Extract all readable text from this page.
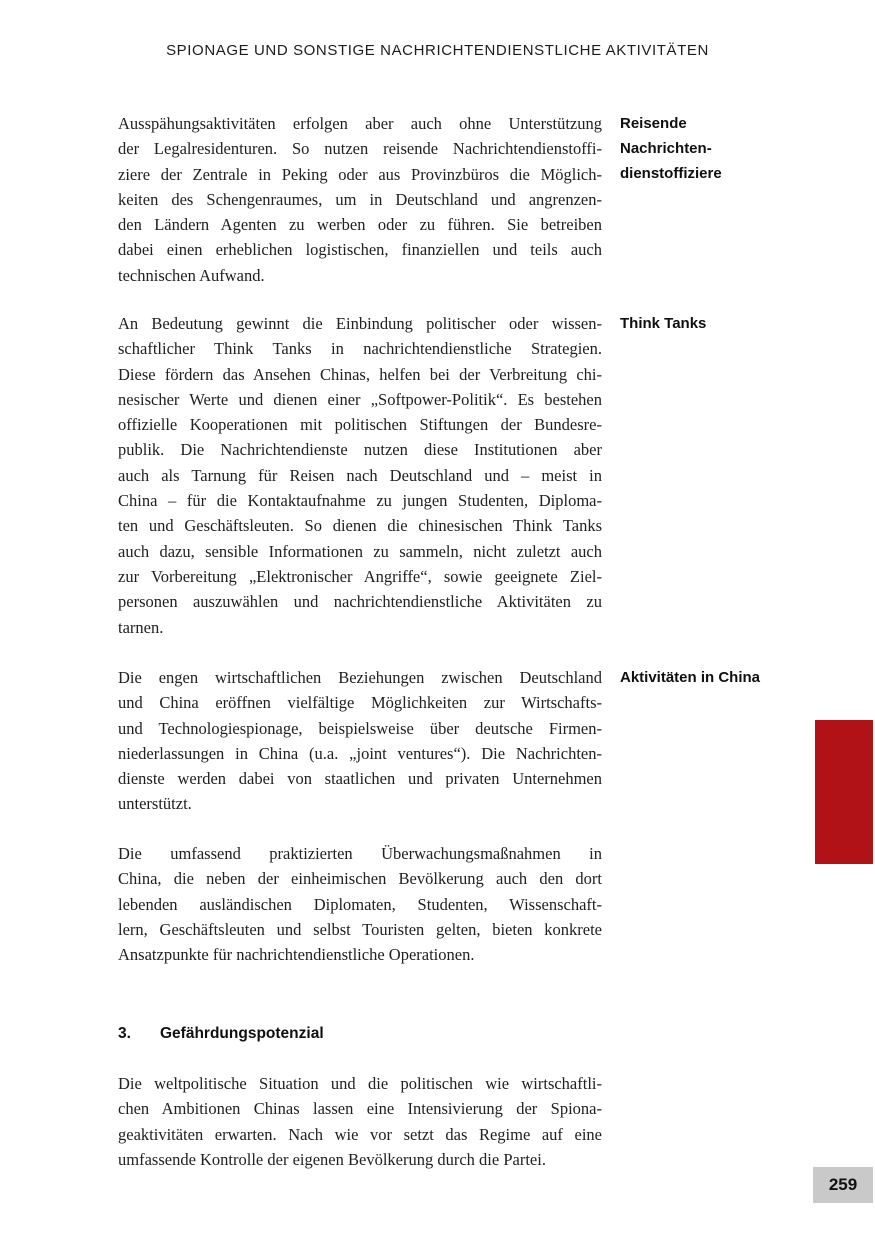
SPIONAGE UND SONSTIGE NACHRICHTENDIENSTLICHE AKTIVITÄTEN
Ausspähungsaktivitäten erfolgen aber auch ohne Unterstützung
der Legalresidenturen. So nutzen reisende Nachrichtendienstoffi-
ziere der Zentrale in Peking oder aus Provinzbüros die Möglich-
keiten des Schengenraumes, um in Deutschland und angrenzen-
den Ländern Agenten zu werben oder zu führen. Sie betreiben
dabei einen erheblichen logistischen, finanziellen und teils auch
technischen Aufwand.
Reisende
Nachrichten-
dienstoffiziere
An Bedeutung gewinnt die Einbindung politischer oder wissen-
schaftlicher Think Tanks in nachrichtendienstliche Strategien.
Diese fördern das Ansehen Chinas, helfen bei der Verbreitung chi-
nesischer Werte und dienen einer „Softpower-Politik“. Es bestehen
offizielle Kooperationen mit politischen Stiftungen der Bundesre-
publik. Die Nachrichtendienste nutzen diese Institutionen aber
auch als Tarnung für Reisen nach Deutschland und – meist in
China – für die Kontaktaufnahme zu jungen Studenten, Diploma-
ten und Geschäftsleuten. So dienen die chinesischen Think Tanks
auch dazu, sensible Informationen zu sammeln, nicht zuletzt auch
zur Vorbereitung „Elektronischer Angriffe“, sowie geeignete Ziel-
personen auszuwählen und nachrichtendienstliche Aktivitäten zu
tarnen.
Think Tanks
Die engen wirtschaftlichen Beziehungen zwischen Deutschland
und China eröffnen vielfältige Möglichkeiten zur Wirtschafts-
und Technologiespionage, beispielsweise über deutsche Firmen-
niederlassungen in China (u.a. „joint ventures“). Die Nachrichten-
dienste werden dabei von staatlichen und privaten Unternehmen
unterstützt.
Aktivitäten in China
Die umfassend praktizierten Überwachungsmaßnahmen in
China, die neben der einheimischen Bevölkerung auch den dort
lebenden ausländischen Diplomaten, Studenten, Wissenschaft-
lern, Geschäftsleuten und selbst Touristen gelten, bieten konkrete
Ansatzpunkte für nachrichtendienstliche Operationen.
3. Gefährdungspotenzial
Die weltpolitische Situation und die politischen wie wirtschaftli-
chen Ambitionen Chinas lassen eine Intensivierung der Spiona-
geaktivitäten erwarten. Nach wie vor setzt das Regime auf eine
umfassende Kontrolle der eigenen Bevölkerung durch die Partei.
259
